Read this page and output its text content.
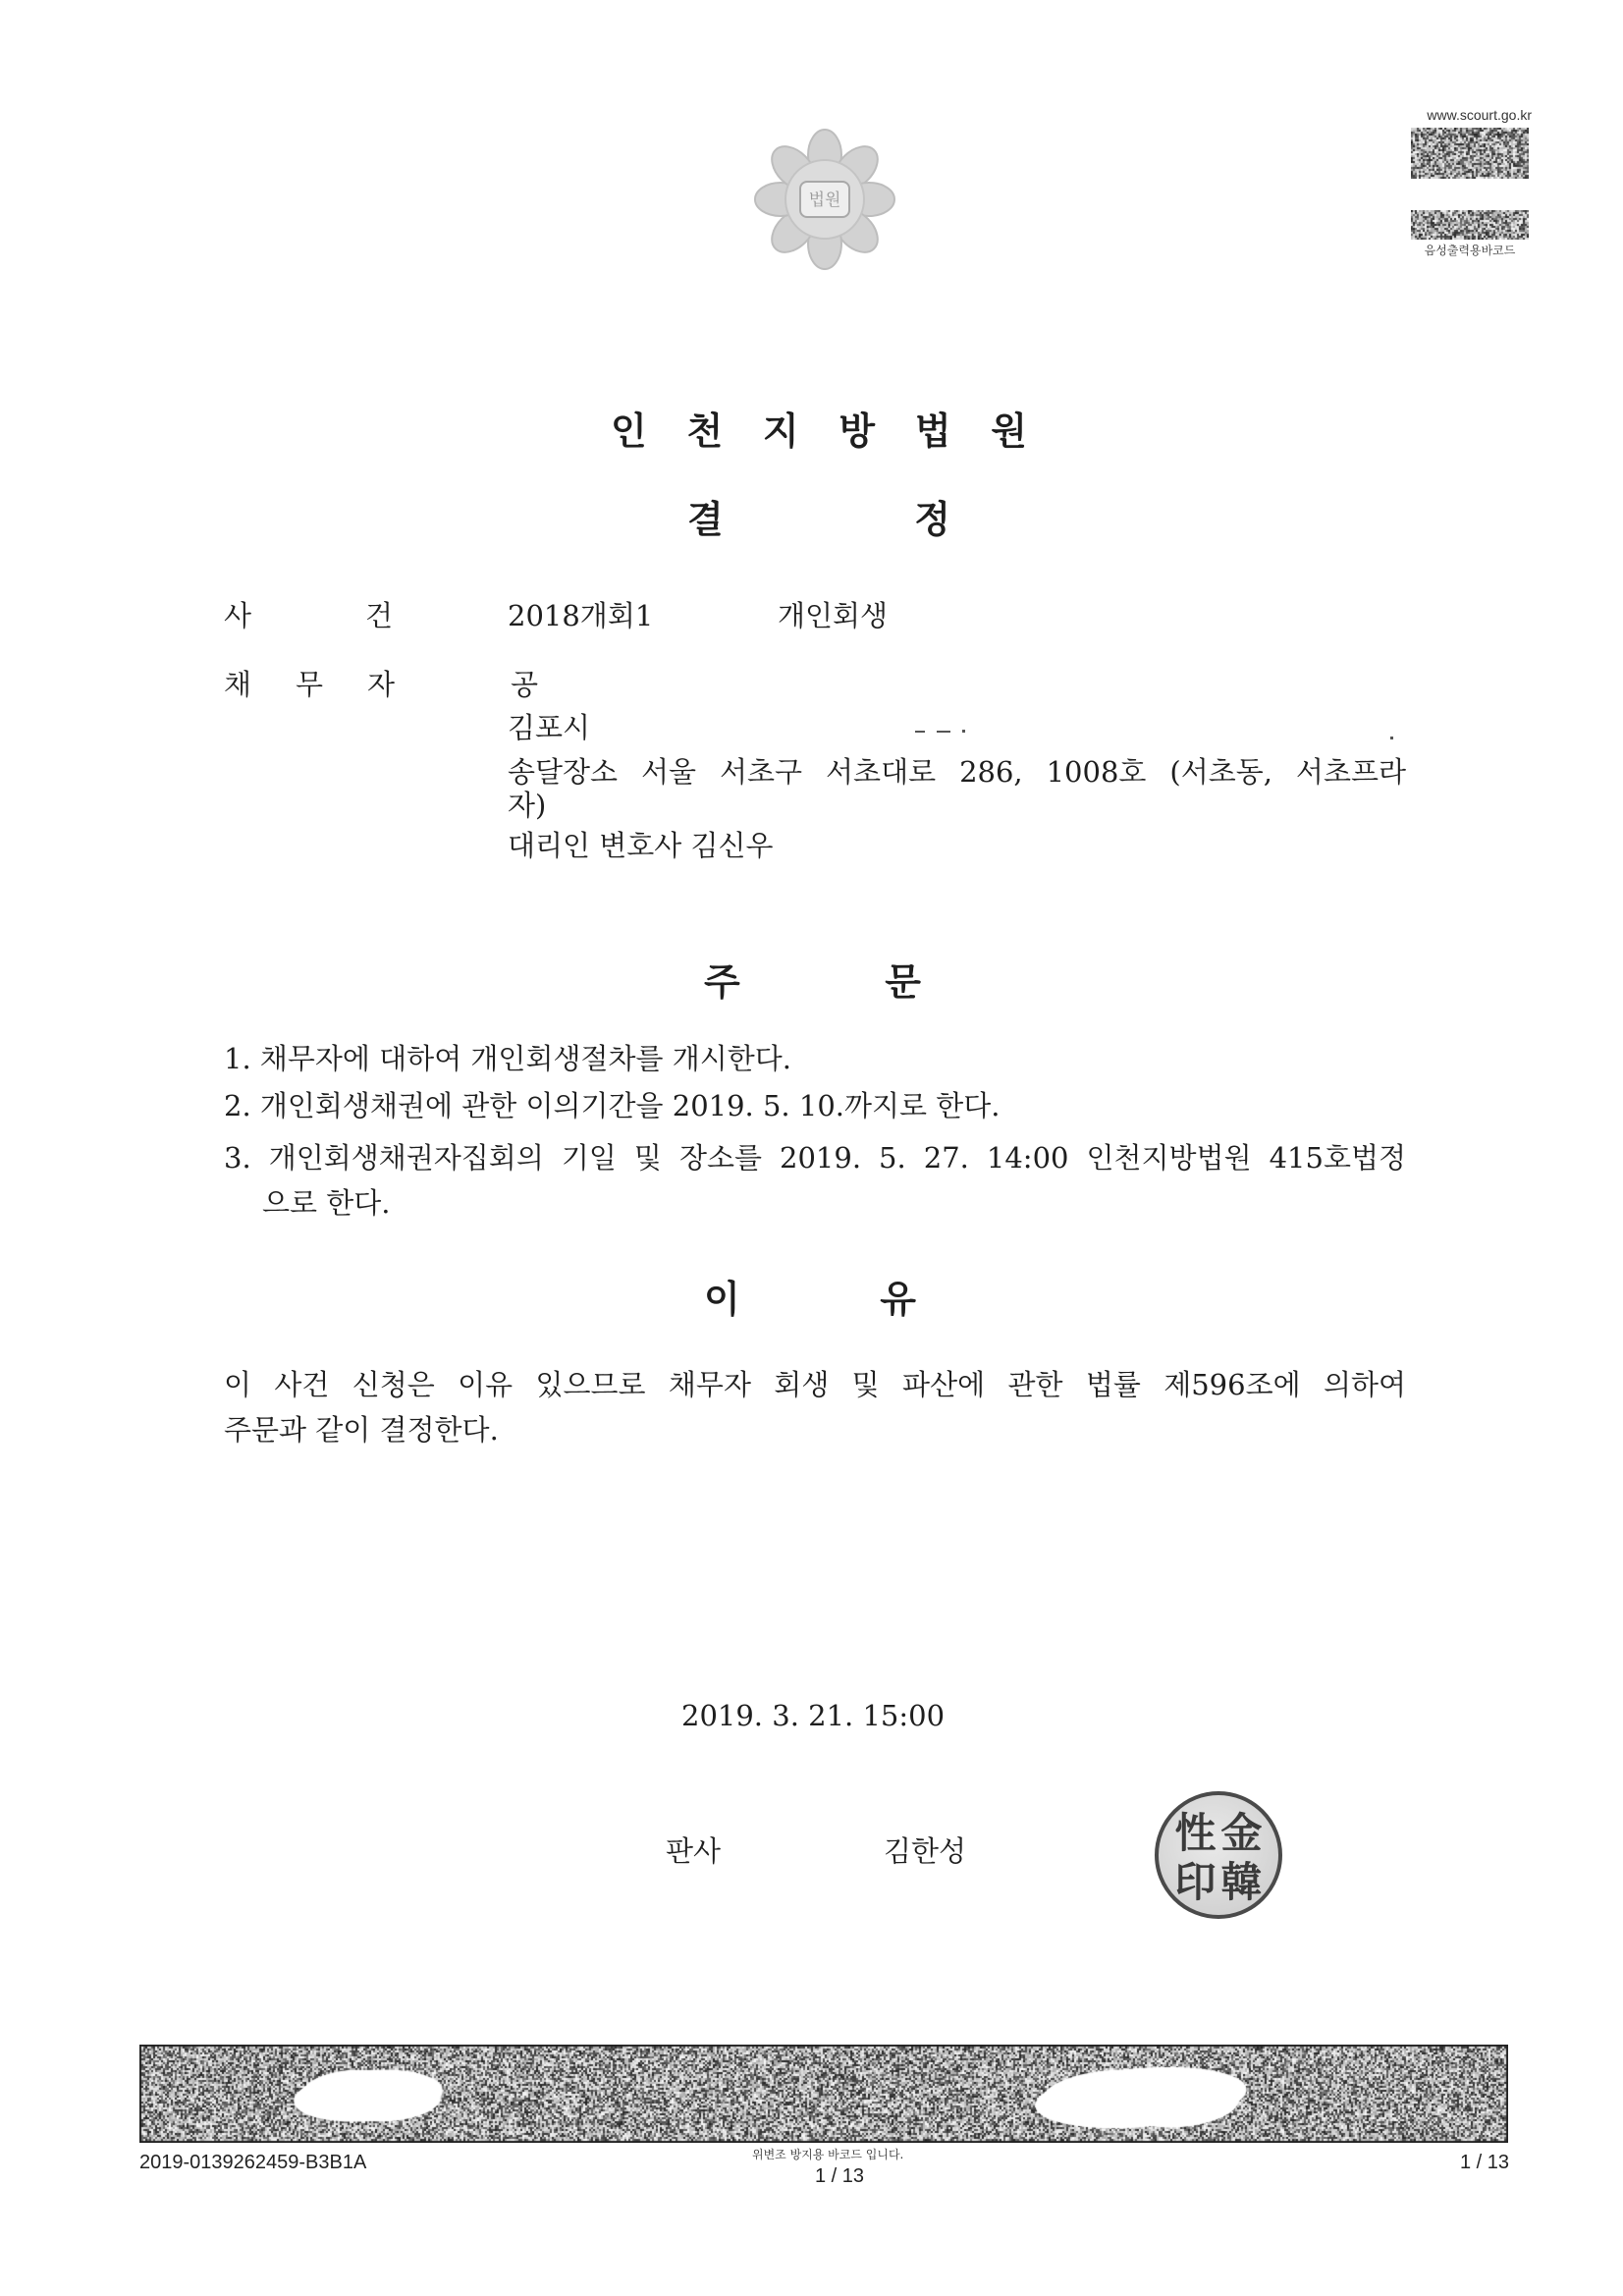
법원
www.scourt.go.kr
음성출력용바코드
인 천 지 방 법 원
결 정
사 건	2018개회1	개인회생
채 무 자	공
김포시
송달장소 서울 서초구 서초대로 286, 1008호 (서초동, 서초프라
자)
대리인 변호사 김신우
주 문
1. 채무자에 대하여 개인회생절차를 개시한다.
2. 개인회생채권에 관한 이의기간을 2019. 5. 10.까지로 한다.
3. 개인회생채권자집회의 기일 및 장소를 2019. 5. 27. 14:00 인천지방법원 415호법정
으로 한다.
이 유
이 사건 신청은 이유 있으므로 채무자 회생 및 파산에 관한 법률 제596조에 의하여
주문과 같이 결정한다.
2019. 3. 21. 15:00
판사	김한성	性 金
印 韓
2019-0139262459-B3B1A	위변조 방지용 바코드 입니다.
1 / 13
1 / 13
